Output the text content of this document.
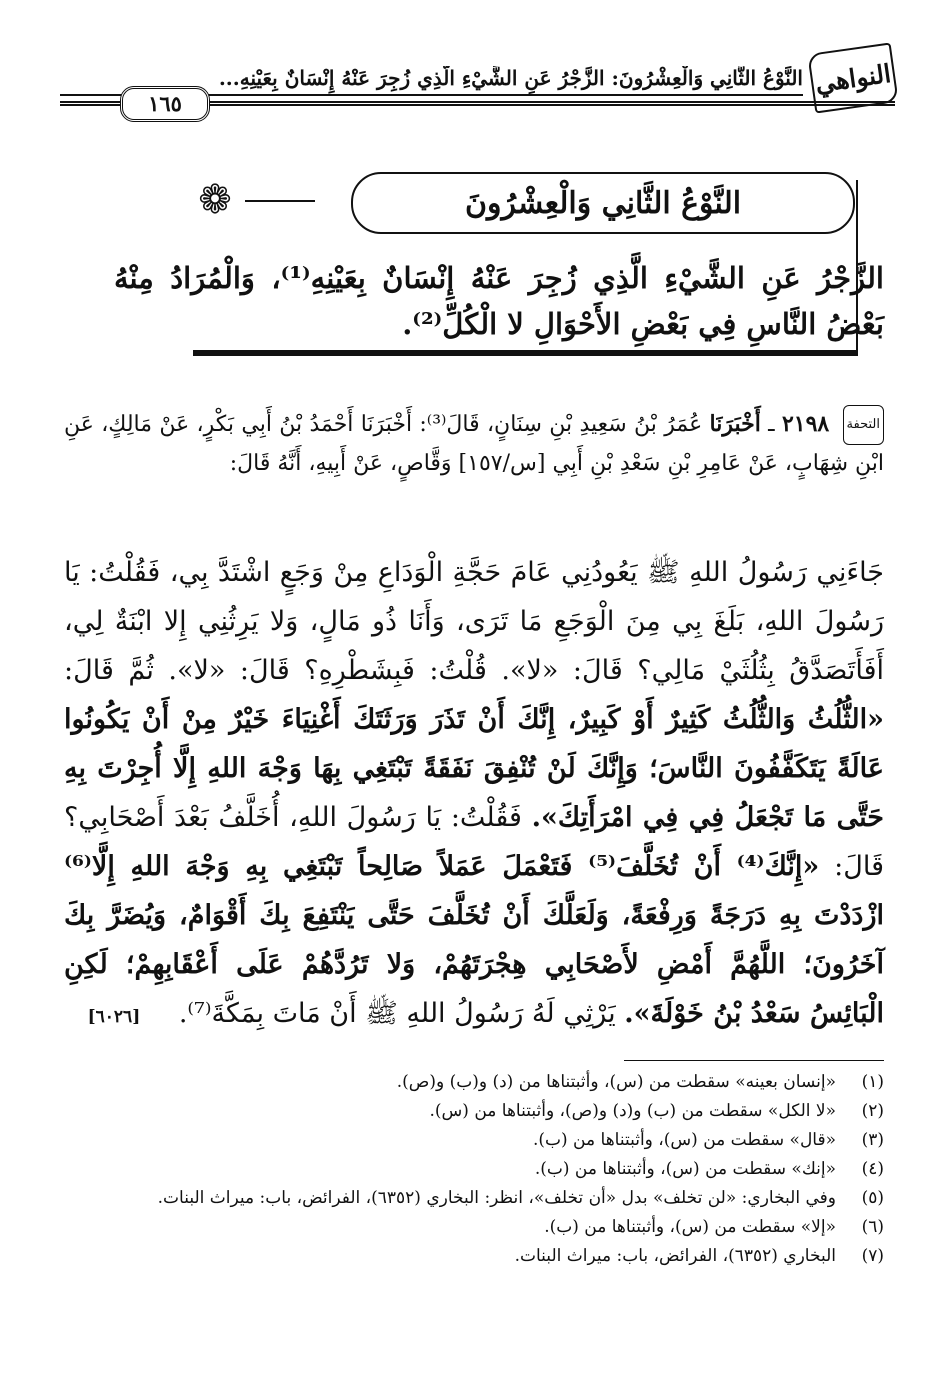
النواهي
النَّوْعُ الثَّانِي وَالْعِشْرُونَ: الزَّجْرُ عَنِ الشَّيْءِ الَّذِي زُجِرَ عَنْهُ إِنْسَانٌ بِعَيْنِهِ...
١٦٥
❁	النَّوْعُ الثَّانِي وَالْعِشْرُونَ
الزَّجْرُ عَنِ الشَّيْءِ الَّذِي زُجِرَ عَنْهُ إِنْسَانٌ بِعَيْنِهِ⁽¹⁾، وَالْمُرَادُ مِنْهُ بَعْضُ النَّاسِ فِي بَعْضِ الأَحْوَالِ لا الْكُلِّ⁽²⁾.
التحفة ٢١٩٨ ـ أَخْبَرَنَا عُمَرُ بْنُ سَعِيدِ بْنِ سِنَانٍ، قَالَ⁽³⁾: أَخْبَرَنَا أَحْمَدُ بْنُ أَبِي بَكْرٍ، عَنْ مَالِكٍ، عَنِ ابْنِ شِهَابٍ، عَنْ عَامِرِ بْنِ سَعْدِ بْنِ أَبِي [س/١٥٧] وَقَّاصٍ، عَنْ أَبِيهِ، أَنَّهُ قَالَ:
جَاءَنِي رَسُولُ اللهِ ﷺ يَعُودُنِي عَامَ حَجَّةِ الْوَدَاعِ مِنْ وَجَعٍ اشْتَدَّ بِي، فَقُلْتُ: يَا رَسُولَ اللهِ، بَلَغَ بِي مِنَ الْوَجَعِ مَا تَرَى، وَأَنَا ذُو مَالٍ، وَلا يَرِثُنِي إِلا ابْنَةٌ لِي، أَفَأَتَصَدَّقُ بِثُلُثَيْ مَالِي؟ قَالَ: «لا». قُلْتُ: فَبِشَطْرِهِ؟ قَالَ: «لا». ثُمَّ قَالَ: «الثُّلُثُ وَالثُّلُثُ كَثِيرٌ أَوْ كَبِيرٌ، إِنَّكَ أَنْ تَذَرَ وَرَثَتَكَ أَغْنِيَاءَ خَيْرٌ مِنْ أَنْ يَكُونُوا عَالَةً يَتَكَفَّفُونَ النَّاسَ؛ وَإِنَّكَ لَنْ تُنْفِقَ نَفَقَةً تَبْتَغِي بِهَا وَجْهَ اللهِ إِلَّا أُجِرْتَ بِهِ حَتَّى مَا تَجْعَلُ فِي فِي امْرَأَتِكَ». فَقُلْتُ: يَا رَسُولَ اللهِ، أُخَلَّفُ بَعْدَ أَصْحَابِي؟ قَالَ: «إِنَّكَ⁽⁴⁾ أَنْ تُخَلَّفَ⁽⁵⁾ فَتَعْمَلَ عَمَلاً صَالِحاً تَبْتَغِي بِهِ وَجْهَ اللهِ إِلَّا⁽⁶⁾ ازْدَدْتَ بِهِ دَرَجَةً وَرِفْعَةً، وَلَعَلَّكَ أَنْ تُخَلَّفَ حَتَّى يَنْتَفِعَ بِكَ أَقْوَامٌ، وَيُضَرَّ بِكَ آخَرُونَ؛ اللَّهُمَّ أَمْضِ لأَصْحَابِي هِجْرَتَهُمْ، وَلا تَرُدَّهُمْ عَلَى أَعْقَابِهِمْ؛ لَكِنِ الْبَائِسُ سَعْدُ بْنُ خَوْلَةَ». يَرْثِي لَهُ رَسُولُ اللهِ ﷺ أَنْ مَاتَ بِمَكَّةَ⁽⁷⁾. [٦٠٢٦]
(١)
«إنسان بعينه» سقطت من (س)، وأثبتناها من (د) و(ب) و(ص).
(٢)
«لا الكل» سقطت من (ب) و(د) و(ص)، وأثبتناها من (س).
(٣)
«قال» سقطت من (س)، وأثبتناها من (ب).
(٤)
«إنك» سقطت من (س)، وأثبتناها من (ب).
(٥)
وفي البخاري: «لن تخلف» بدل «أن تخلف»، انظر: البخاري (٦٣٥٢)، الفرائض، باب: ميراث البنات.
(٦)
«إلا» سقطت من (س)، وأثبتناها من (ب).
(٧)
البخاري (٦٣٥٢)، الفرائض، باب: ميراث البنات.
